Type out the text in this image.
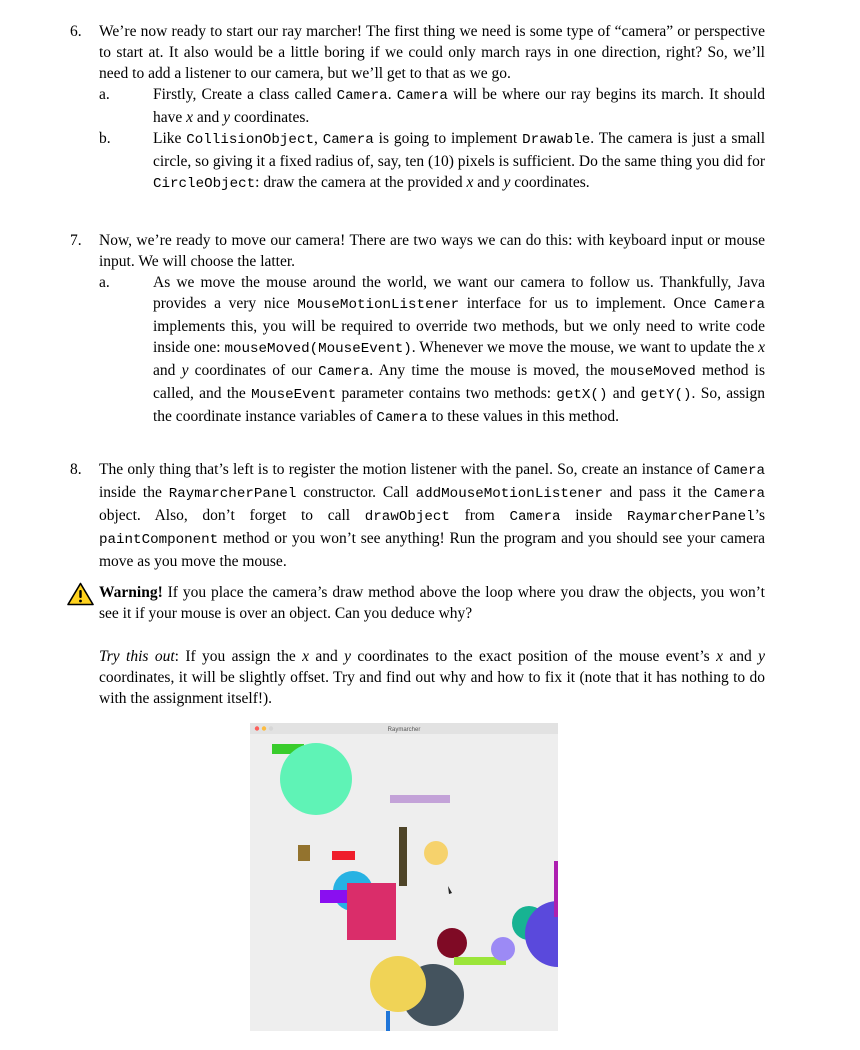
6.	We’re now ready to start our ray marcher! The first thing we need is some type of “camera” or perspective to start at. It also would be a little boring if we could only march rays in one direction, right? So, we’ll need to add a listener to our camera, but we’ll get to that as we go.
a.	Firstly, Create a class called Camera. Camera will be where our ray begins its march. It should have x and y coordinates.
b.	Like CollisionObject, Camera is going to implement Drawable. The camera is just a small circle, so giving it a fixed radius of, say, ten (10) pixels is sufficient. Do the same thing you did for CircleObject: draw the camera at the provided x and y coordinates.
7.	Now, we’re ready to move our camera! There are two ways we can do this: with keyboard input or mouse input. We will choose the latter.
a.	As we move the mouse around the world, we want our camera to follow us. Thankfully, Java provides a very nice MouseMotionListener interface for us to implement. Once Camera implements this, you will be required to override two methods, but we only need to write code inside one: mouseMoved(MouseEvent). Whenever we move the mouse, we want to update the x and y coordinates of our Camera. Any time the mouse is moved, the mouseMoved method is called, and the MouseEvent parameter contains two methods: getX() and getY(). So, assign the coordinate instance variables of Camera to these values in this method.
8.	The only thing that’s left is to register the motion listener with the panel. So, create an instance of Camera inside the RaymarcherPanel constructor. Call addMouseMotionListener and pass it the Camera object. Also, don’t forget to call drawObject from Camera inside RaymarcherPanel’s paintComponent method or you won’t see anything! Run the program and you should see your camera move as you move the mouse.
Warning! If you place the camera’s draw method above the loop where you draw the objects, you won’t see it if your mouse is over an object. Can you deduce why?
Try this out: If you assign the x and y coordinates to the exact position of the mouse event’s x and y coordinates, it will be slightly offset. Try and find out why and how to fix it (note that it has nothing to do with the assignment itself!).
Raymarcher
